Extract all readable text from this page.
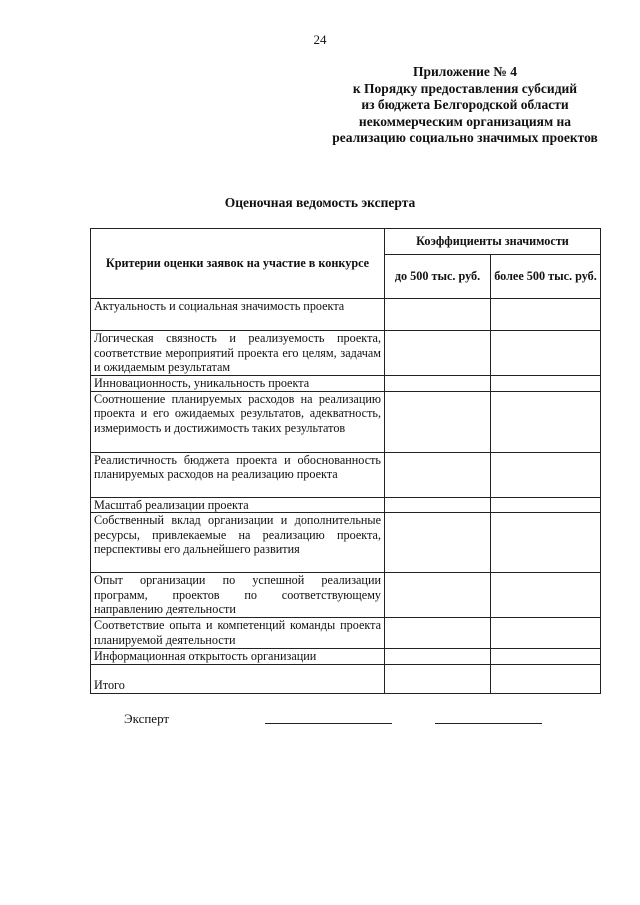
24
Приложение № 4
к Порядку предоставления субсидий
из бюджета Белгородской области
некоммерческим организациям на
реализацию социально значимых проектов
Оценочная ведомость эксперта
Критерии оценки заявок на участие в конкурсе	Коэффициенты значимости	
	до 500 тыс. руб.	более 500 тыс. руб.
Актуальность и социальная значимость проекта		
Логическая связность и реализуемость проекта, соответствие мероприятий проекта его целям, задачам и ожидаемым результатам		
Инновационность, уникальность проекта		
Соотношение планируемых расходов на реализацию проекта и его ожидаемых результатов, адекватность, измеримость и достижимость таких результатов		
Реалистичность бюджета проекта и обоснованность планируемых расходов на реализацию проекта		
Масштаб реализации проекта		
Собственный вклад организации и дополнительные ресурсы, привлекаемые на реализацию проекта, перспективы его дальнейшего развития		
Опыт организации по успешной реализации программ, проектов по соответствующему направлению деятельности		
Соответствие опыта и компетенций команды проекта планируемой деятельности		
Информационная открытость организации		
Итого		
Эксперт
